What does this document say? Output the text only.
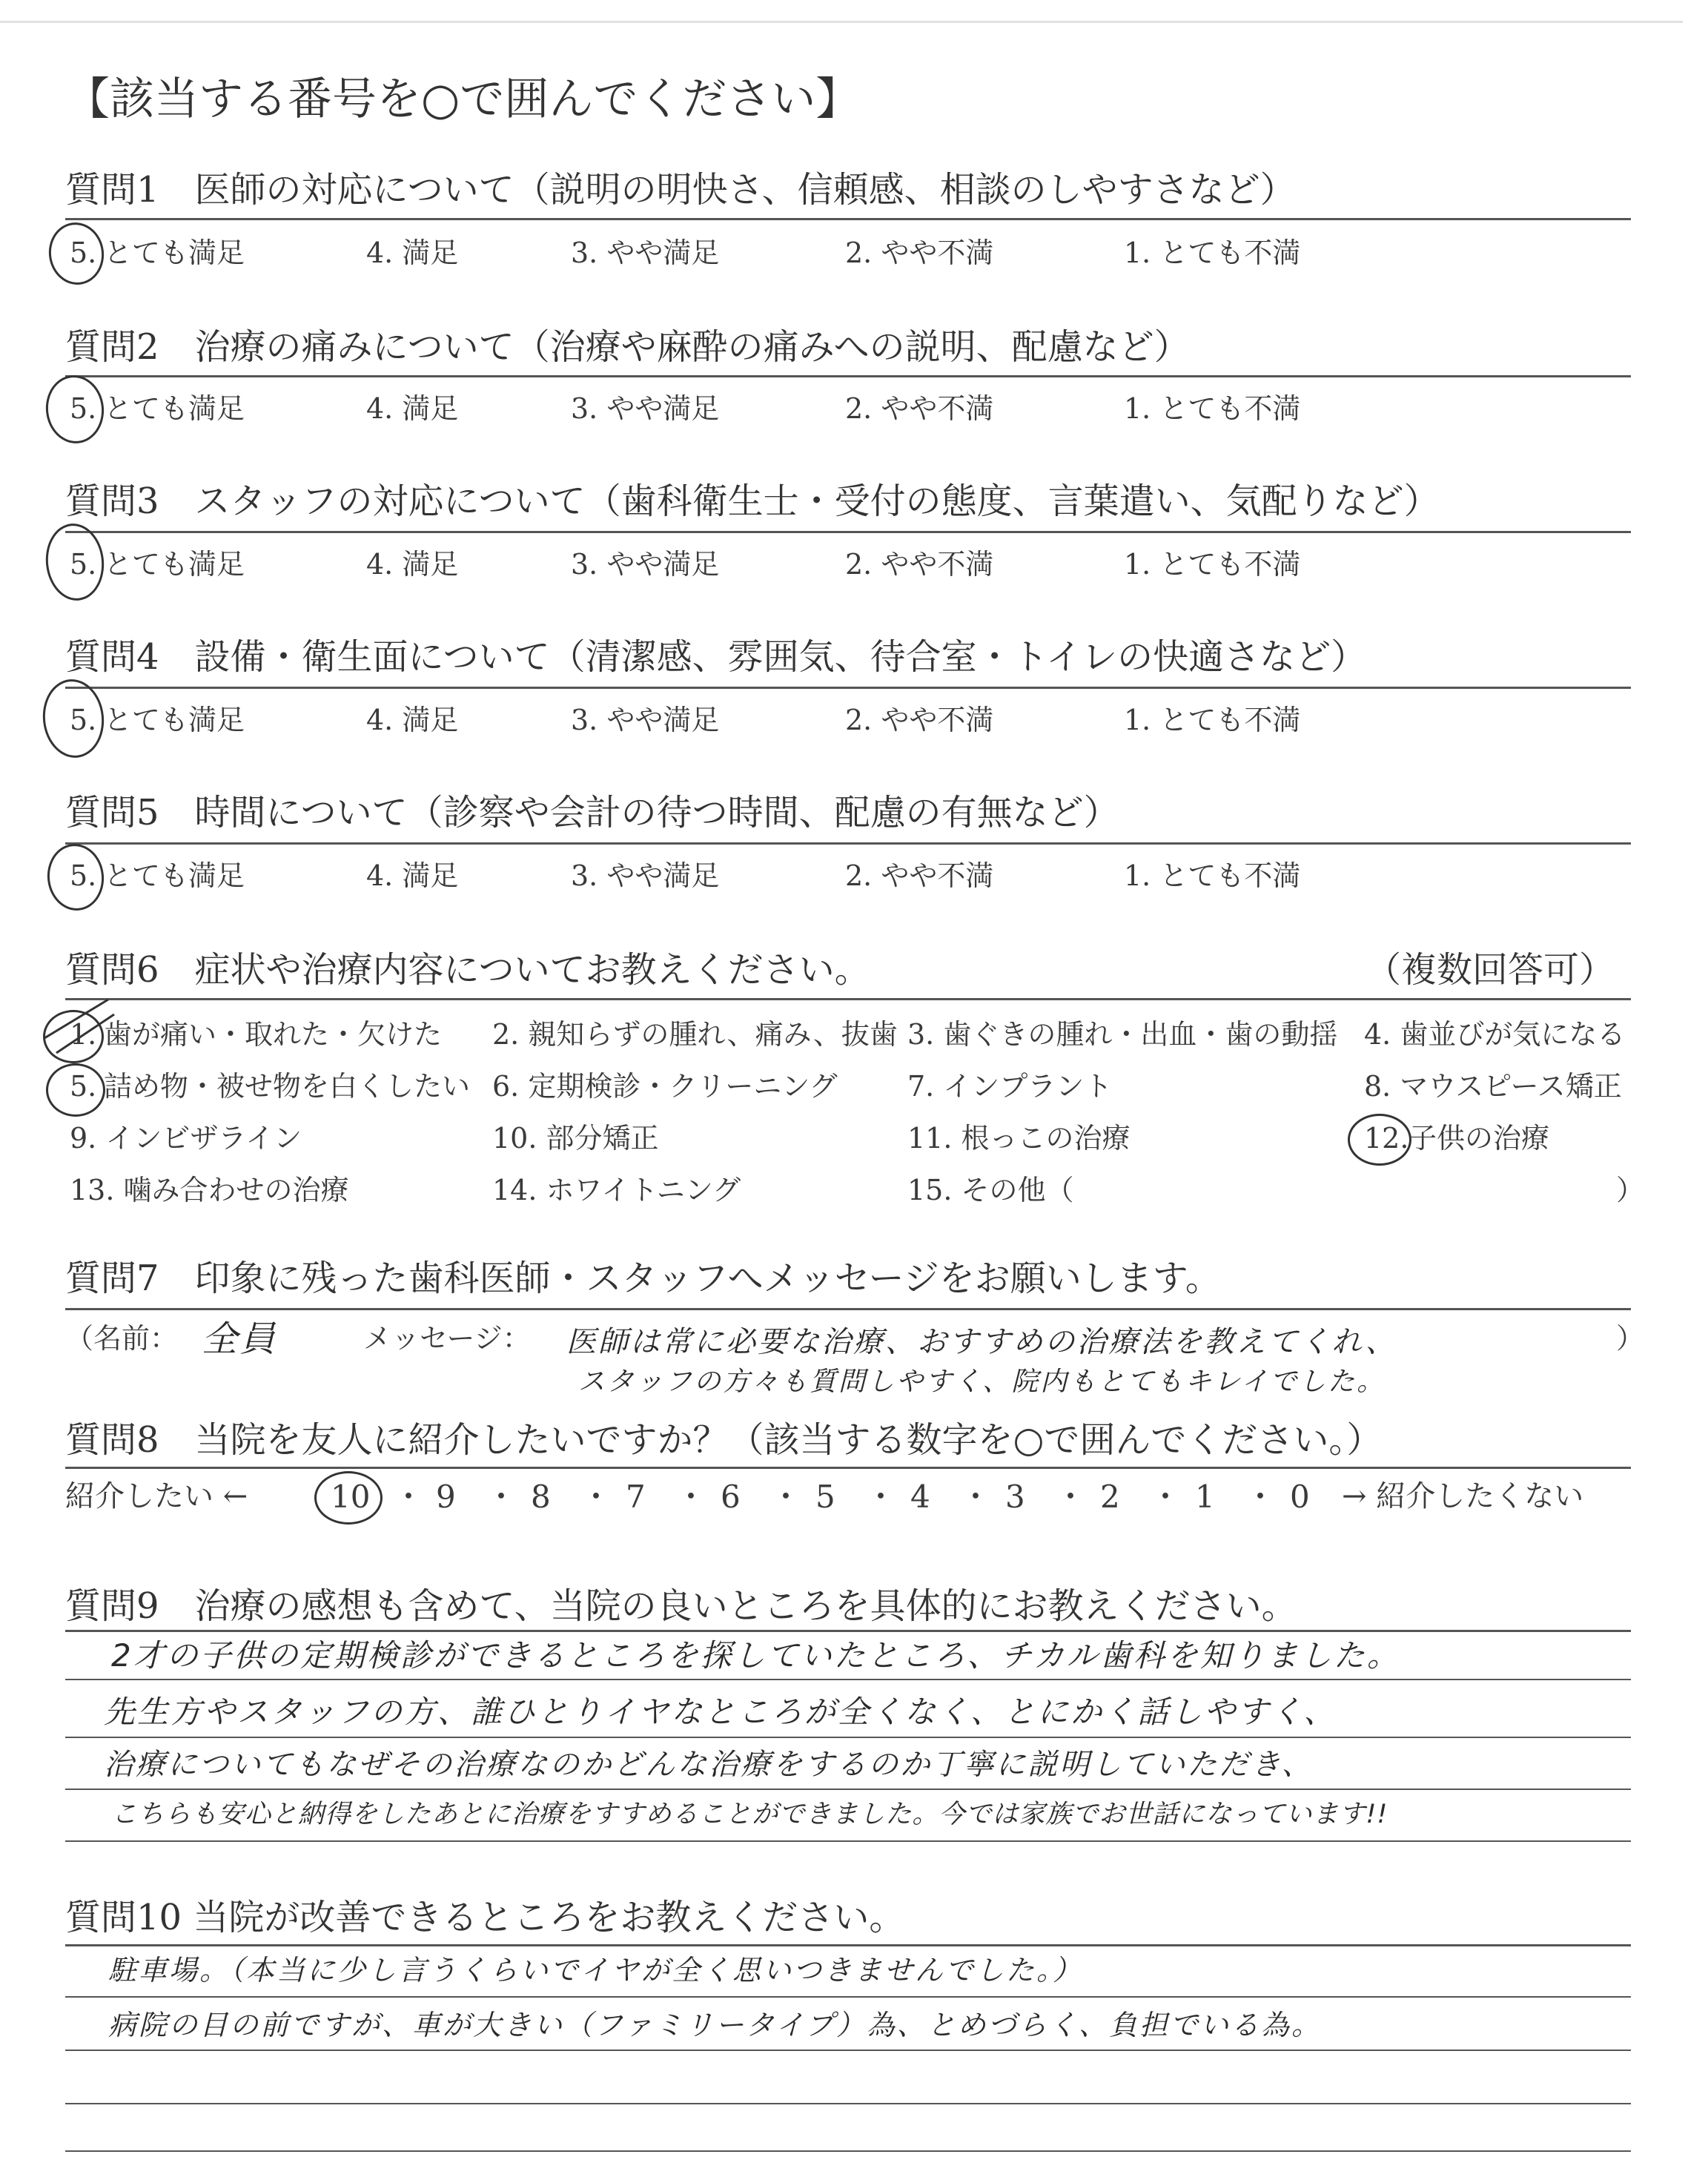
【該当する番号を○で囲んでください】
質問1　医師の対応について（説明の明快さ、信頼感、相談のしやすさなど）
5. とても満足	4. 満足	3. やや満足	2. やや不満	1. とても不満
質問2　治療の痛みについて（治療や麻酔の痛みへの説明、配慮など）
5. とても満足	4. 満足	3. やや満足	2. やや不満	1. とても不満
質問3　スタッフの対応について（歯科衛生士・受付の態度、言葉遣い、気配りなど）
5. とても満足	4. 満足	3. やや満足	2. やや不満	1. とても不満
質問4　設備・衛生面について（清潔感、雰囲気、待合室・トイレの快適さなど）
5. とても満足	4. 満足	3. やや満足	2. やや不満	1. とても不満
質問5　時間について（診察や会計の待つ時間、配慮の有無など）
5. とても満足	4. 満足	3. やや満足	2. やや不満	1. とても不満
質問6　症状や治療内容についてお教えください。	（複数回答可）
1. 歯が痛い・取れた・欠けた 2. 親知らずの腫れ、痛み、抜歯 3. 歯ぐきの腫れ・出血・歯の動揺 4. 歯並びが気になる
5. 詰め物・被せ物を白くしたい 6. 定期検診・クリーニング 7. インプラント	8. マウスピース矯正
9. インビザライン	10. 部分矯正	11. 根っこの治療	12. 子供の治療
13. 噛み合わせの治療	14. ホワイトニング	15. その他（	）
質問7　印象に残った歯科医師・スタッフへメッセージをお願いします。
（名前： 全員	メッセージ： 医師は常に必要な治療、おすすめの治療法を教えてくれ、
スタッフの方々も質問しやすく、院内もとてもキレイでした。
）
質問8　当院を友人に紹介したいですか？（該当する数字を○で囲んでください。）
紹介したい ←	10 ・ 9 ・ 8 ・ 7 ・ 6 ・ 5 ・ 4 ・ 3 ・ 2 ・ 1 ・ 0 → 紹介したくない
質問9　治療の感想も含めて、当院の良いところを具体的にお教えください。
2才の子供の定期検診ができるところを探していたところ、チカル歯科を知りました。
先生方やスタッフの方、誰ひとりイヤなところが全くなく、とにかく話しやすく、
治療についてもなぜその治療なのかどんな治療をするのか丁寧に説明していただき、
こちらも安心と納得をしたあとに治療をすすめることができました。今では家族でお世話になっています!!
質問10 当院が改善できるところをお教えください。
駐車場。（本当に少し言うくらいでイヤが全く思いつきませんでした。）
病院の目の前ですが、車が大きい（ファミリータイプ）為、とめづらく、負担でいる為。
